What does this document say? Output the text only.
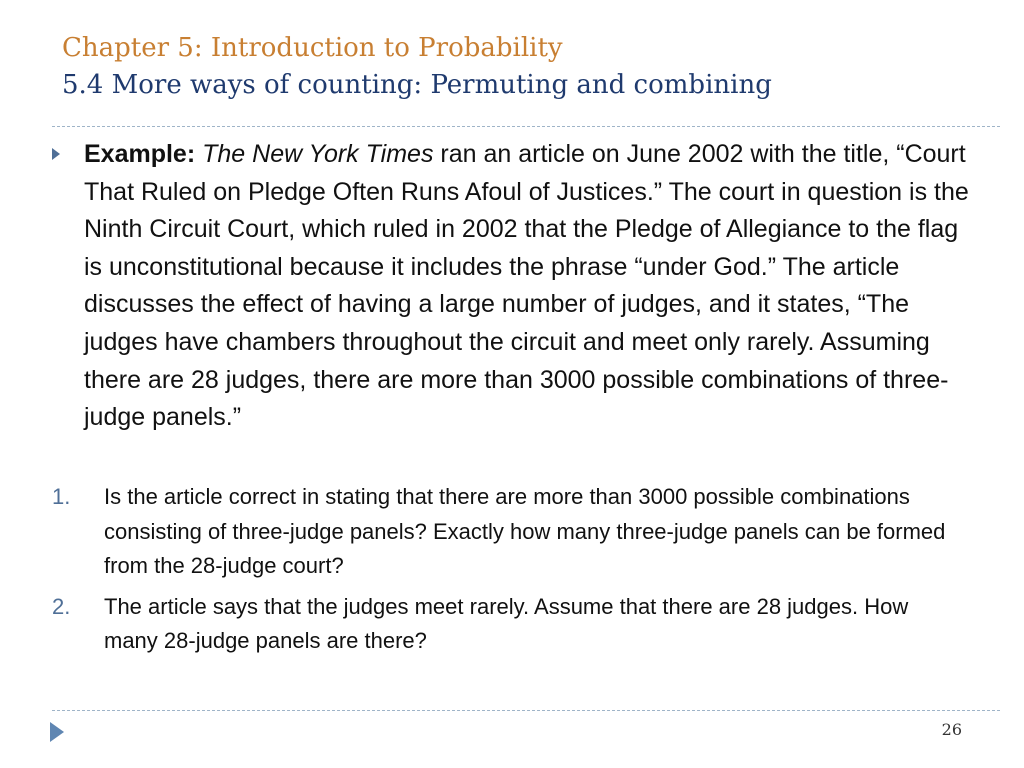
Chapter 5: Introduction to Probability
5.4 More ways of counting: Permuting and combining
Example: The New York Times ran an article on June 2002 with the title, “Court That Ruled on Pledge Often Runs Afoul of Justices.” The court in question is the Ninth Circuit Court, which ruled in 2002 that the Pledge of Allegiance to the flag is unconstitutional because it includes the phrase “under God.” The article discusses the effect of having a large number of judges, and it states, “The judges have chambers throughout the circuit and meet only rarely. Assuming there are 28 judges, there are more than 3000 possible combinations of three-judge panels.”
1. Is the article correct in stating that there are more than 3000 possible combinations consisting of three-judge panels? Exactly how many three-judge panels can be formed from the 28-judge court?
2. The article says that the judges meet rarely. Assume that there are 28 judges. How many 28-judge panels are there?
26
